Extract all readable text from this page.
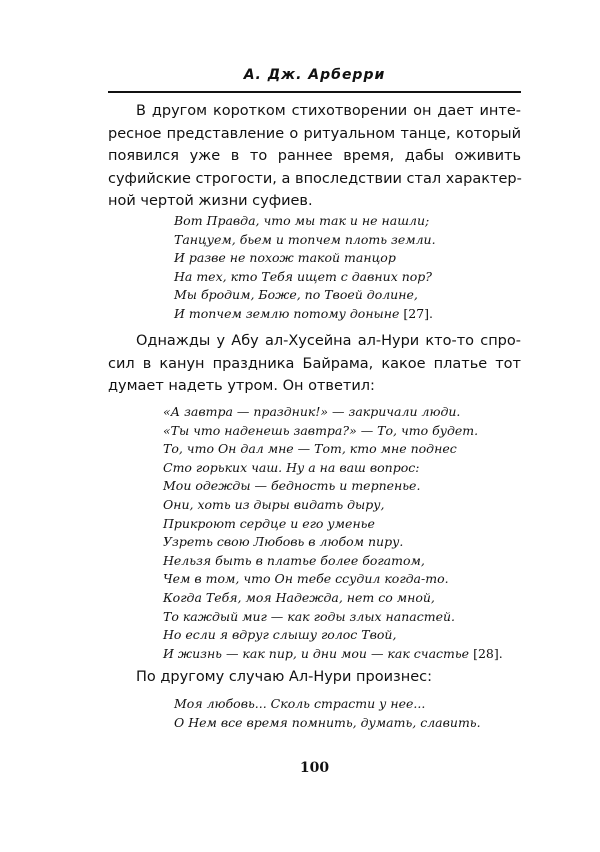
А. Дж. Арберри
В другом коротком стихотворении он дает инте-
ресное представление о ритуальном танце, который
появился уже в то раннее время, дабы оживить
суфийские строгости, а впоследствии стал характер-
ной чертой жизни суфиев.
Вот Правда, что мы так и не нашли;
Танцуем, бьем и топчем плоть земли.
И разве не похож такой танцор
На тех, кто Тебя ищет с давних пор?
Мы бродим, Боже, по Твоей долине,
И топчем землю потому доныне [27].
Однажды у Абу ал-Хусейна ал-Нури кто-то спро-
сил в канун праздника Байрама, какое платье тот
думает надеть утром. Он ответил:
«А завтра — праздник!» — закричали люди.
«Ты что наденешь завтра?» — То, что будет.
То, что Он дал мне — Тот, кто мне поднес
Сто горьких чаш. Ну а на ваш вопрос:
Мои одежды — бедность и терпенье.
Они, хоть из дыры видать дыру,
Прикроют сердце и его уменье
Узреть свою Любовь в любом пиру.
Нельзя быть в платье более богатом,
Чем в том, что Он тебе ссудил когда-то.
Когда Тебя, моя Надежда, нет со мной,
То каждый миг — как годы злых напастей.
Но если я вдруг слышу голос Твой,
И жизнь — как пир, и дни мои — как счастье [28].
По другому случаю Ал-Нури произнес:
Моя любовь... Сколь страсти у нее...
О Нем все время помнить, думать, славить.
100
